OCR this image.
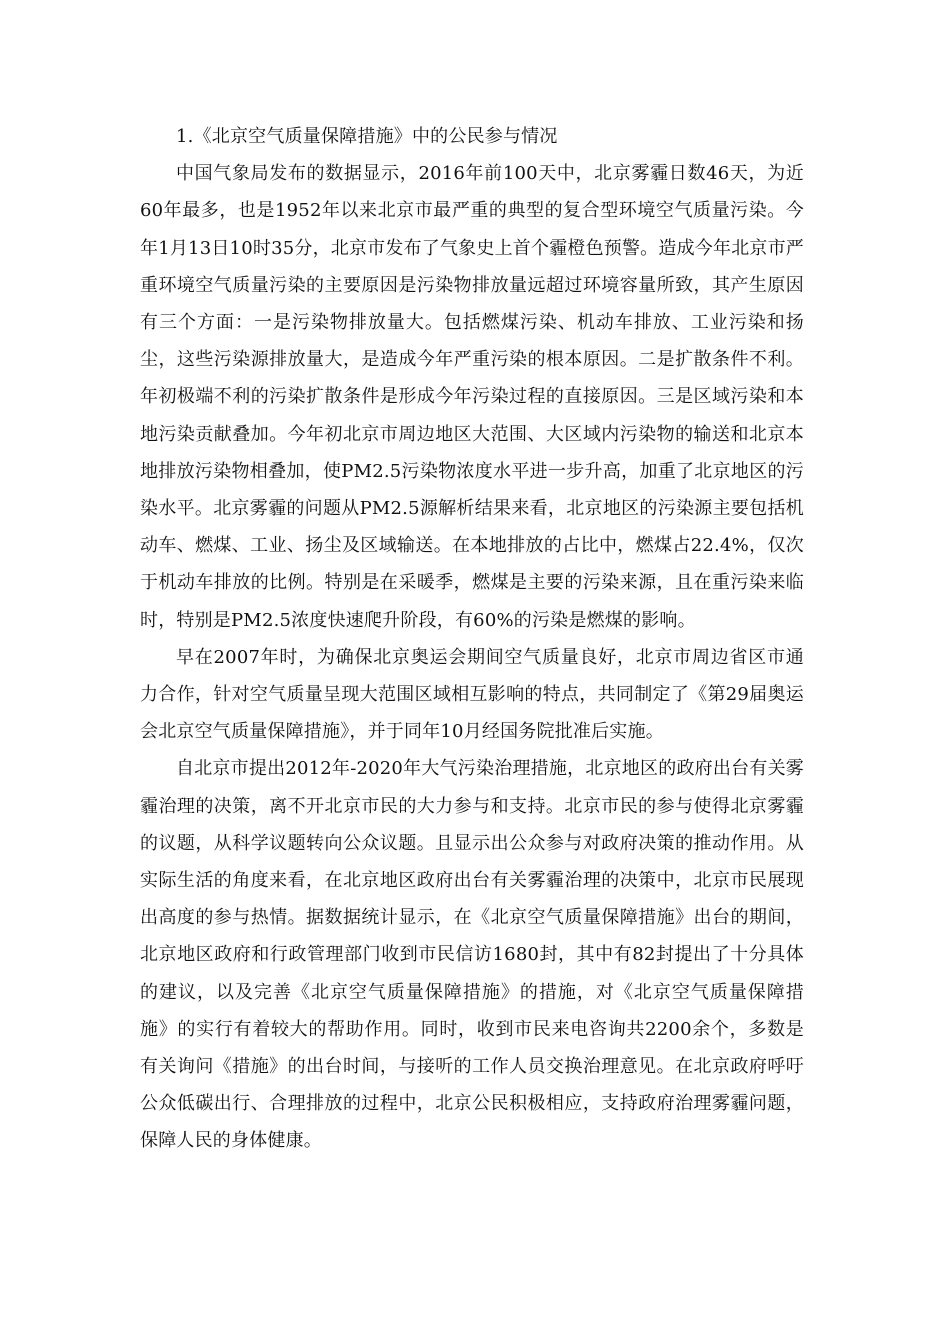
1.《北京空气质量保障措施》中的公民参与情况

中国气象局发布的数据显示，2016年前100天中，北京雾霾日数46天，为近60年最多，也是1952年以来北京市最严重的典型的复合型环境空气质量污染。今年1月13日10时35分，北京市发布了气象史上首个霾橙色预警。造成今年北京市严重环境空气质量污染的主要原因是污染物排放量远超过环境容量所致，其产生原因有三个方面：一是污染物排放量大。包括燃煤污染、机动车排放、工业污染和扬尘，这些污染源排放量大，是造成今年严重污染的根本原因。二是扩散条件不利。年初极端不利的污染扩散条件是形成今年污染过程的直接原因。三是区域污染和本地污染贡献叠加。今年初北京市周边地区大范围、大区域内污染物的输送和北京本地排放污染物相叠加，使PM2.5污染物浓度水平进一步升高，加重了北京地区的污染水平。北京雾霾的问题从PM2.5源解析结果来看，北京地区的污染源主要包括机动车、燃煤、工业、扬尘及区域输送。在本地排放的占比中，燃煤占22.4%，仅次于机动车排放的比例。特别是在采暖季，燃煤是主要的污染来源，且在重污染来临时，特别是PM2.5浓度快速爬升阶段，有60%的污染是燃煤的影响。

早在2007年时，为确保北京奥运会期间空气质量良好，北京市周边省区市通力合作，针对空气质量呈现大范围区域相互影响的特点，共同制定了《第29届奥运会北京空气质量保障措施》，并于同年10月经国务院批准后实施。

自北京市提出2012年-2020年大气污染治理措施，北京地区的政府出台有关雾霾治理的决策，离不开北京市民的大力参与和支持。北京市民的参与使得北京雾霾的议题，从科学议题转向公众议题。且显示出公众参与对政府决策的推动作用。从实际生活的角度来看，在北京地区政府出台有关雾霾治理的决策中，北京市民展现出高度的参与热情。据数据统计显示，在《北京空气质量保障措施》出台的期间，北京地区政府和行政管理部门收到市民信访1680封，其中有82封提出了十分具体的建议，以及完善《北京空气质量保障措施》的措施，对《北京空气质量保障措施》的实行有着较大的帮助作用。同时，收到市民来电咨询共2200余个，多数是有关询问《措施》的出台时间，与接听的工作人员交换治理意见。在北京政府呼吁公众低碳出行、合理排放的过程中，北京公民积极相应，支持政府治理雾霾问题，保障人民的身体健康。
